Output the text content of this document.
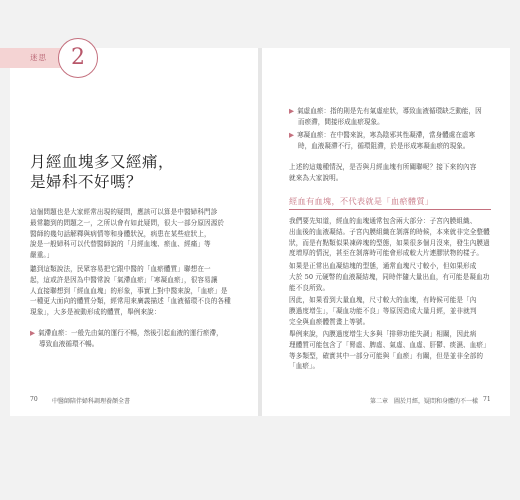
迷思 2
月經血塊多又經痛，
是婦科不好嗎？
這個問題也是大家經常出現的疑問，應該可以算是中醫婦科門診
最常聽到的問題之一，之所以會有如此疑問，很大一部分原因源於
醫師的幾句話解釋與病情等和身體狀況，病患在某些症狀上，
說是一般婦科可以代替醫師說的「月經血塊、瘀血、經痛」等
嚴重。」
聽到這類說法，民眾容易把它跟中醫的「血瘀體質」聯想在一
起，這或許是因為中醫常說「氣滯血瘀」「寒凝血瘀」，很容易讓
人直接聯想到「經血血塊」的形象，事實上對中醫來說，「血瘀」是
一種更大面向的體質分類，經常用來廣義描述「血液循環不良的各種
現象」，大多是被動形成的體質，舉例來說：
▶ 氣滯血瘀：一般先由氣的運行不暢，然後引起血液的運行瘀滯，
導致血液循環不暢。
70 中醫師陪伴婦科調理養顏全書
▶ 氣虛血瘀：指的則是先有氣虛症狀，導致血液循環缺乏動能，因
而瘀滯，間接形成血瘀現象。
▶ 寒凝血瘀：在中醫來說，寒為陰邪其性凝滯，當身體處在虛寒
時，血液凝滯不行，循環阻滯，於是形成寒凝血瘀的現象。
上述的這幾種情況，是否與月經血塊有所關聯呢？接下來的內容
就來為大家說明。
經血有血塊，不代表就是「血瘀體質」
我們要先知道，經血的血塊通常包含兩大部分：子宮內膜組織、
出血後的血液凝結。子宮內膜組織在剝落的時候，本來就非完全整體
狀，而是有點類似果凍碎塊的型態，如果很多個月沒來，發生內膜過
度增厚的情況，甚至在剝落時可能會形成較大片連膠狀物的樣子。
如果是正常出血凝結塊的型態，通常血塊尺寸較小，但如果形成
大於 50 元硬幣的血液凝結塊，同時伴隨大量出血，有可能是凝血功
能不良所致。
因此，如果看到大量血塊，尺寸較大的血塊，有時候可能是「內
膜過度增生」，「凝血功能不良」等原因造成大量月經，並非就判
完全與血瘀體質畫上等號。
舉例來說，內膜過度增生大多與「排卵功能失調」相關，因此病
理體質可能包含了「腎虛、脾虛、氣虛、血虛、肝鬱、痰濕、血瘀」
等多類型，確實其中一部分可能與「血瘀」有關，但是並非全部的
「血瘀」。
第二章　圖於月經，疑問和身體的不一樣 71
